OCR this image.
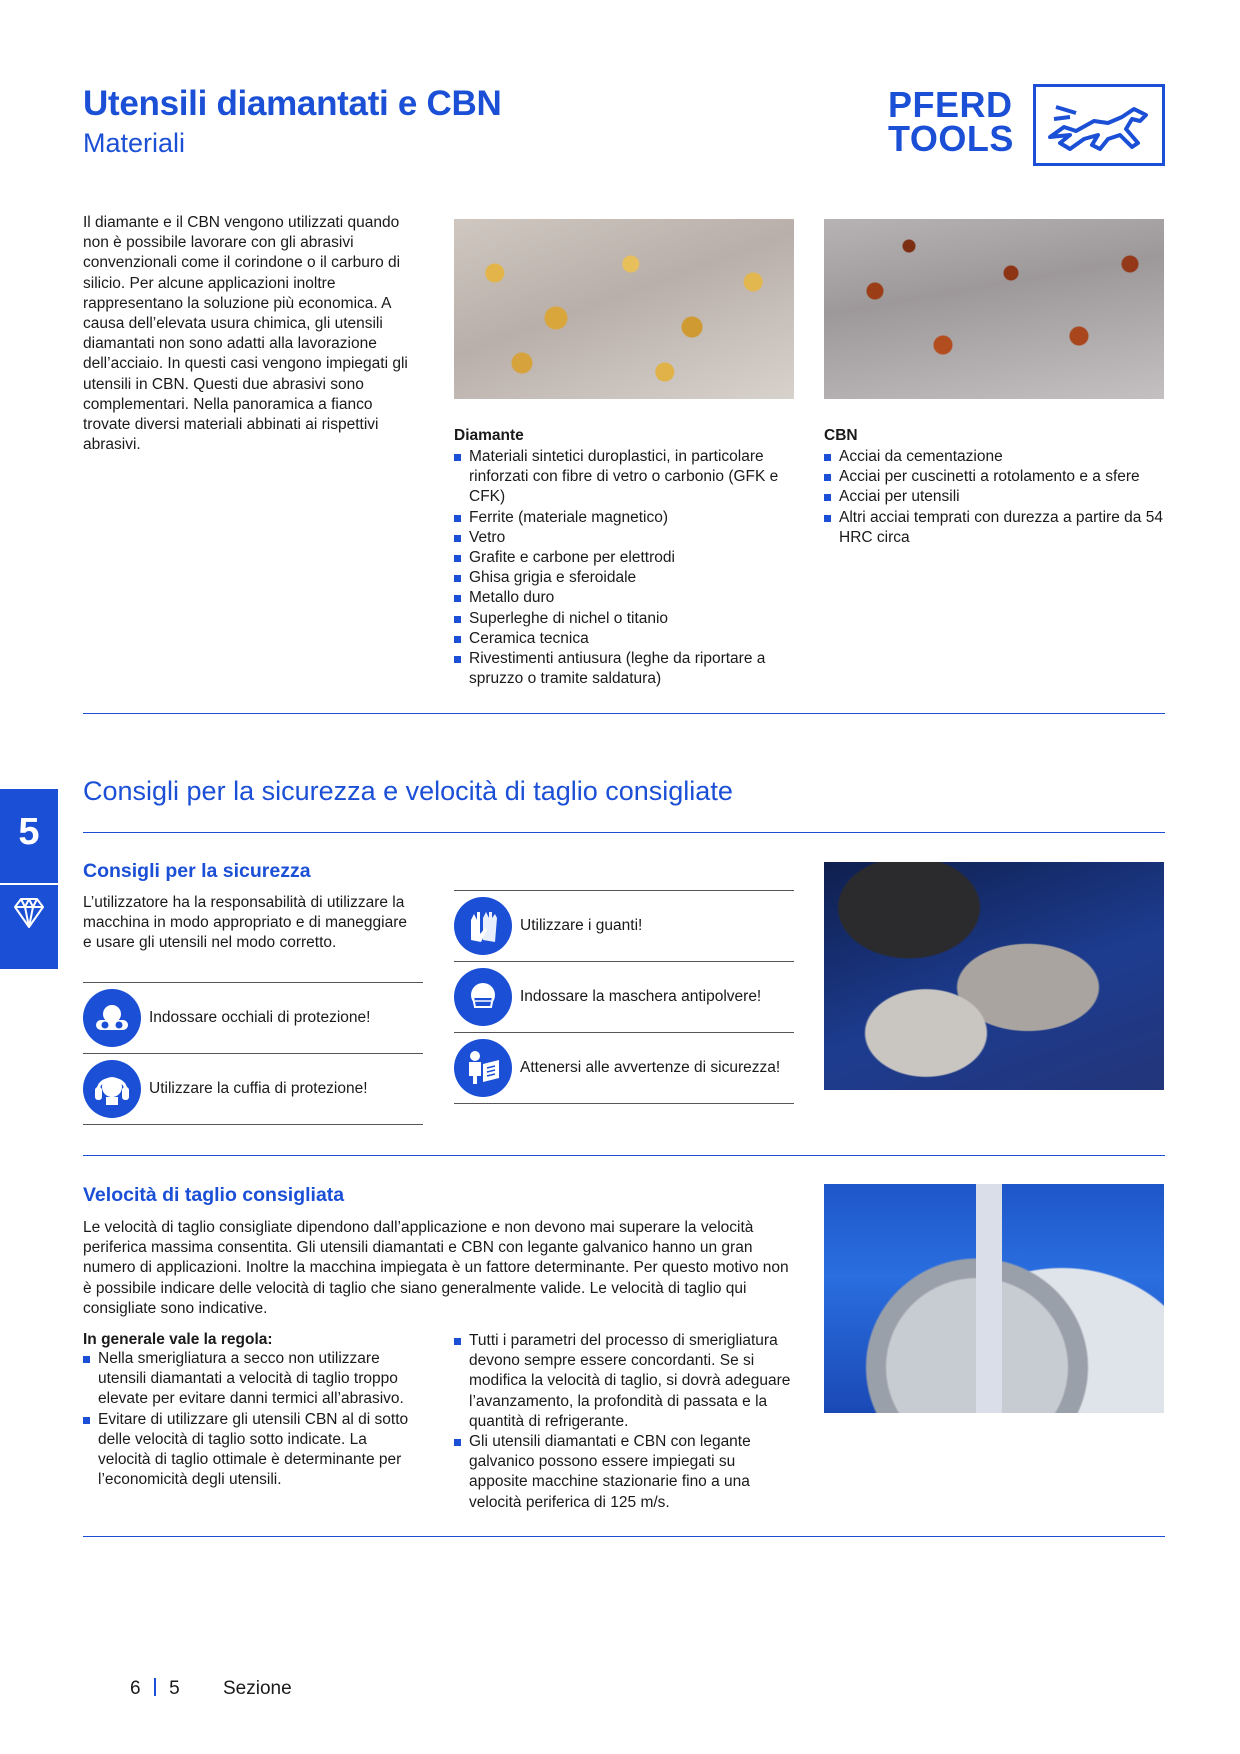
Utensili diamantati e CBN
Materiali
PFERD
TOOLS
Il diamante e il CBN vengono utilizzati quando non è possibile lavorare con gli abrasivi convenzionali come il corindone o il carburo di silicio. Per alcune applicazioni inoltre rappresentano la soluzione più economica. A causa dell’elevata usura chimica, gli utensili diamantati non sono adatti alla lavorazione dell’acciaio. In questi casi vengono impiegati gli utensili in CBN. Questi due abrasivi sono complementari. Nella panoramica a fianco trovate diversi materiali abbinati ai rispettivi abrasivi.
Diamante
Materiali sintetici duroplastici, in particolare rinforzati con fibre di vetro o carbonio (GFK e CFK)
Ferrite (materiale magnetico)
Vetro
Grafite e carbone per elettrodi
Ghisa grigia e sferoidale
Metallo duro
Superleghe di nichel o titanio
Ceramica tecnica
Rivestimenti antiusura (leghe da riportare a spruzzo o tramite saldatura)
CBN
Acciai da cementazione
Acciai per cuscinetti a rotolamento e a sfere
Acciai per utensili
Altri acciai temprati con durezza a partire da 54 HRC circa
5
Consigli per la sicurezza e velocità di taglio consigliate
Consigli per la sicurezza
L’utilizzatore ha la responsabilità di utilizzare la macchina in modo appropriato e di maneggiare e usare gli utensili nel modo corretto.
Indossare occhiali di protezione!
Utilizzare la cuffia di protezione!
Utilizzare i guanti!
Indossare la maschera antipolvere!
Attenersi alle avvertenze di sicurezza!
Velocità di taglio consigliata
Le velocità di taglio consigliate dipendono dall’applicazione e non devono mai superare la velocità periferica massima consentita. Gli utensili diamantati e CBN con legante galvanico hanno un gran numero di applicazioni. Inoltre la macchina impiegata è un fattore determinante. Per questo motivo non è possibile indicare delle velocità di taglio che siano generalmente valide. Le velocità di taglio qui consigliate sono indicative.
In generale vale la regola:
Nella smerigliatura a secco non utilizzare utensili diamantati a velocità di taglio troppo elevate per evitare danni termici all’abrasivo.
Evitare di utilizzare gli utensili CBN al di sotto delle velocità di taglio sotto indicate. La velocità di taglio ottimale è determinante per l’economicità degli utensili.
Tutti i parametri del processo di smerigliatura devono sempre essere concordanti. Se si modifica la velocità di taglio, si dovrà adeguare l’avanzamento, la profondità di passata e la quantità di refrigerante.
Gli utensili diamantati e CBN con legante galvanico possono essere impiegati su apposite macchine stazionarie fino a una velocità periferica di 125 m/s.
6 5 Sezione
